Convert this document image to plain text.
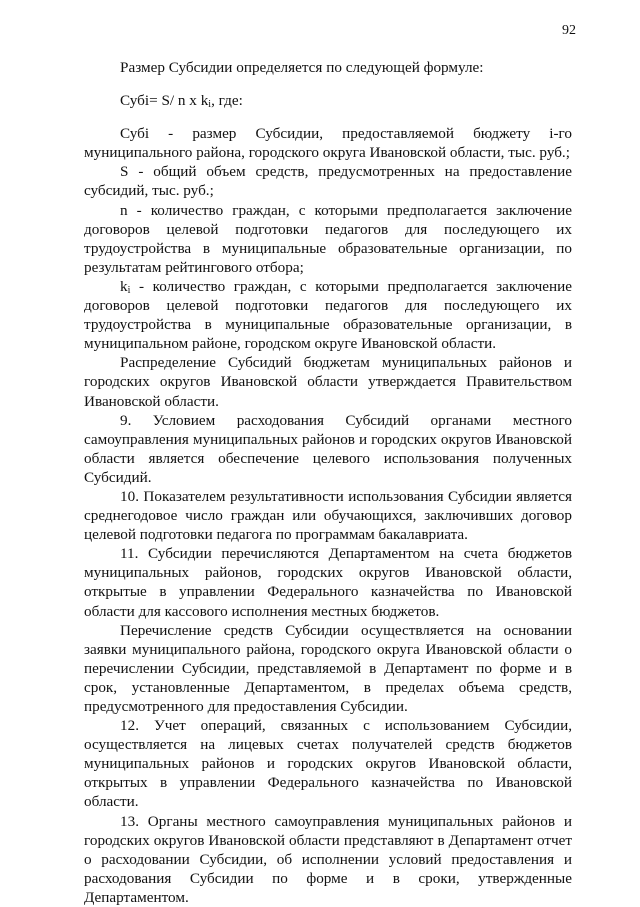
92

Размер Субсидии определяется по следующей формуле:

Субi= S/ n x $k_i$, где:

Субi - размер Субсидии, предоставляемой бюджету i-го муниципального района, городского округа Ивановской области, тыс. руб.;

S - общий объем средств, предусмотренных на предоставление субсидий, тыс. руб.;

n - количество граждан, с которыми предполагается заключение договоров целевой подготовки педагогов для последующего их трудоустройства в муниципальные образовательные организации, по результатам рейтингового отбора;

$k_i$ - количество граждан, с которыми предполагается заключение договоров целевой подготовки педагогов для последующего их трудоустройства в муниципальные образовательные организации, в муниципальном районе, городском округе Ивановской области.

Распределение Субсидий бюджетам муниципальных районов и городских округов Ивановской области утверждается Правительством Ивановской области.

9. Условием расходования Субсидий органами местного самоуправления муниципальных районов и городских округов Ивановской области является обеспечение целевого использования полученных Субсидий.

10. Показателем результативности использования Субсидии является среднегодовое число граждан или обучающихся, заключивших договор целевой подготовки педагога по программам бакалавриата.

11. Субсидии перечисляются Департаментом на счета бюджетов муниципальных районов, городских округов Ивановской области, открытые в управлении Федерального казначейства по Ивановской области для кассового исполнения местных бюджетов.

Перечисление средств Субсидии осуществляется на основании заявки муниципального района, городского округа Ивановской области о перечислении Субсидии, представляемой в Департамент по форме и в срок, установленные Департаментом, в пределах объема средств, предусмотренного для предоставления Субсидии.

12. Учет операций, связанных с использованием Субсидии, осуществляется на лицевых счетах получателей средств бюджетов муниципальных районов и городских округов Ивановской области, открытых в управлении Федерального казначейства по Ивановской области.

13. Органы местного самоуправления муниципальных районов и городских округов Ивановской области представляют в Департамент отчет о расходовании Субсидии, об исполнении условий предоставления и расходования Субсидии по форме и в сроки, утвержденные Департаментом.
